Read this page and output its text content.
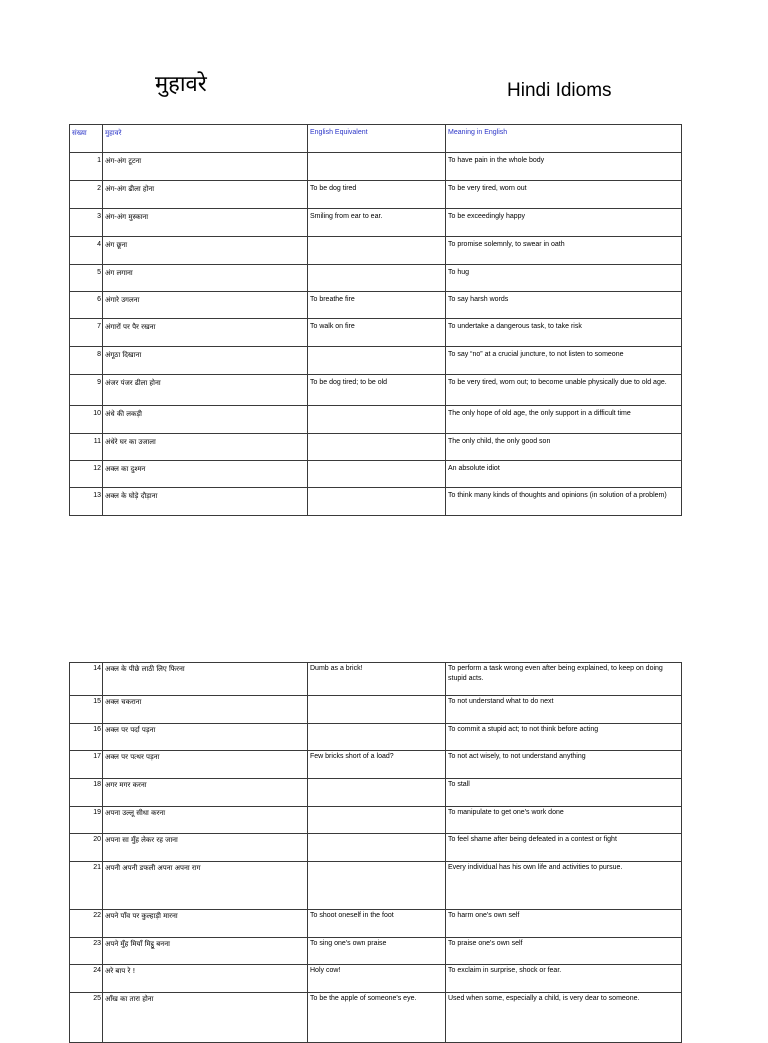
मुहावरे	Hindi Idioms
संख्या	मुहावरे	English Equivalent	Meaning in English
1	अंग-अंग टूटना		To have pain in the whole body
2	अंग-अंग ढीला होना	To be dog tired	To be very tired, worn out
3	अंग-अंग मुस्काना	Smiling from ear to ear.	To be exceedingly happy
4	अंग छूना		To promise solemnly, to swear in oath
5	अंग लगाना		To hug
6	अंगारे उगलना	To breathe fire	To say harsh words
7	अंगारों पर पैर रखना	To walk on fire	To undertake a dangerous task, to take risk
8	अंगूठा दिखाना		To say “no” at a crucial juncture, to not listen to someone
9	अंजर पंजर ढीला होना	To be dog tired; to be old	To be very tired, worn out; to become unable physically due to old age.
10	अंधे की लकड़ी		The only hope of old age, the only support in a difficult time
11	अंधेरे घर का उजाला		The only child, the only good son
12	अक्ल का दुश्मन		An absolute idiot
13	अक्ल के घोड़े दौड़ाना		To think many kinds of thoughts and opinions (in solution of a problem)
14	अक्ल के पीछे लाठी लिए फिरना	Dumb as a brick!	To perform a task wrong even after being explained, to keep on doing stupid acts.
15	अक्ल चकराना		To not understand what to do next
16	अक्ल पर पर्दा पड़ना		To commit a stupid act; to not think before acting
17	अक्ल पर पत्थर पड़ना	Few bricks short of a load?	To not act wisely, to not understand anything
18	अगर मगर करना		To stall
19	अपना उल्लू सीधा करना		To manipulate to get one's work done
20	अपना सा मुँह लेकर रह जाना		To feel shame after being defeated in a contest or fight
21	अपनी अपनी डफली अपना अपना राग		Every individual has his own life and activities to pursue.
22	अपने पाँव पर कुल्हाड़ी मारना	To shoot oneself in the foot	To harm one's own self
23	अपने मुँह मियाँ मिट्ठू बनना	To sing one's own praise	To praise one's own self
24	अरे बाप रे !	Holy cow!	To exclaim in surprise, shock or fear.
25	आँख का तारा होना	To be the apple of someone's eye.	Used when some, especially a child, is very dear to someone.
